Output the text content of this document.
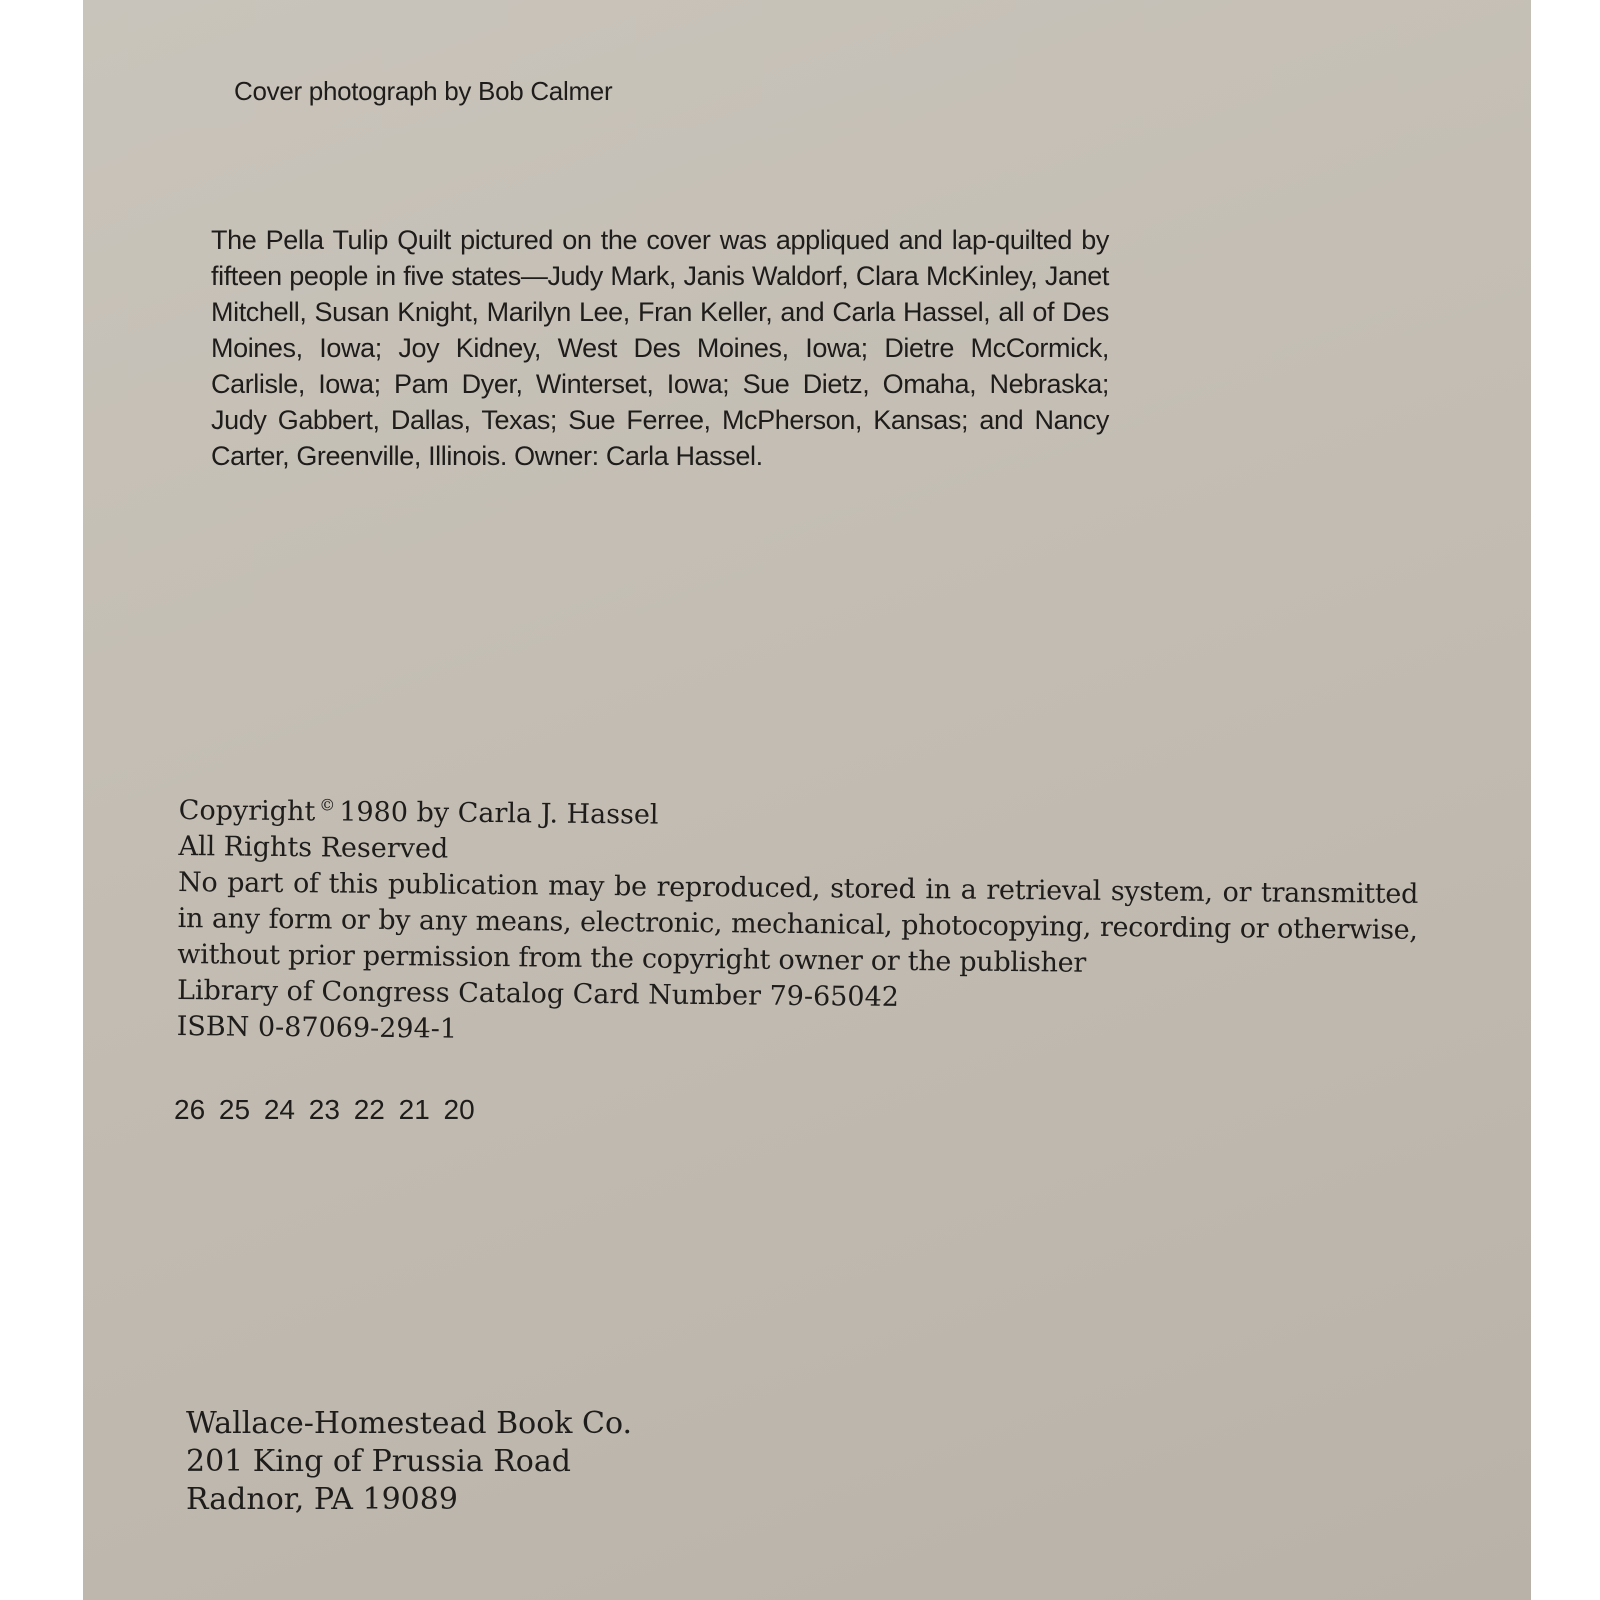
Cover photograph by Bob Calmer
The Pella Tulip Quilt pictured on the cover was appliqued and lap-quilted by fifteen people in five states—Judy Mark, Janis Waldorf, Clara McKinley, Janet Mitchell, Susan Knight, Marilyn Lee, Fran Keller, and Carla Hassel, all of Des Moines, Iowa; Joy Kidney, West Des Moines, Iowa; Dietre McCormick, Carlisle, Iowa; Pam Dyer, Winterset, Iowa; Sue Dietz, Omaha, Nebraska; Judy Gabbert, Dallas, Texas; Sue Ferree, McPherson, Kansas; and Nancy Carter, Greenville, Illinois. Owner: Carla Hassel.
Copyright © 1980 by Carla J. Hassel
All Rights Reserved
No part of this publication may be reproduced, stored in a retrieval system, or transmitted in any form or by any means, electronic, mechanical, photocopying, recording or otherwise, without prior permission from the copyright owner or the publisher
Library of Congress Catalog Card Number 79-65042
ISBN 0-87069-294-1
26 25 24 23 22 21 20
Wallace-Homestead Book Co.
201 King of Prussia Road
Radnor, PA 19089
